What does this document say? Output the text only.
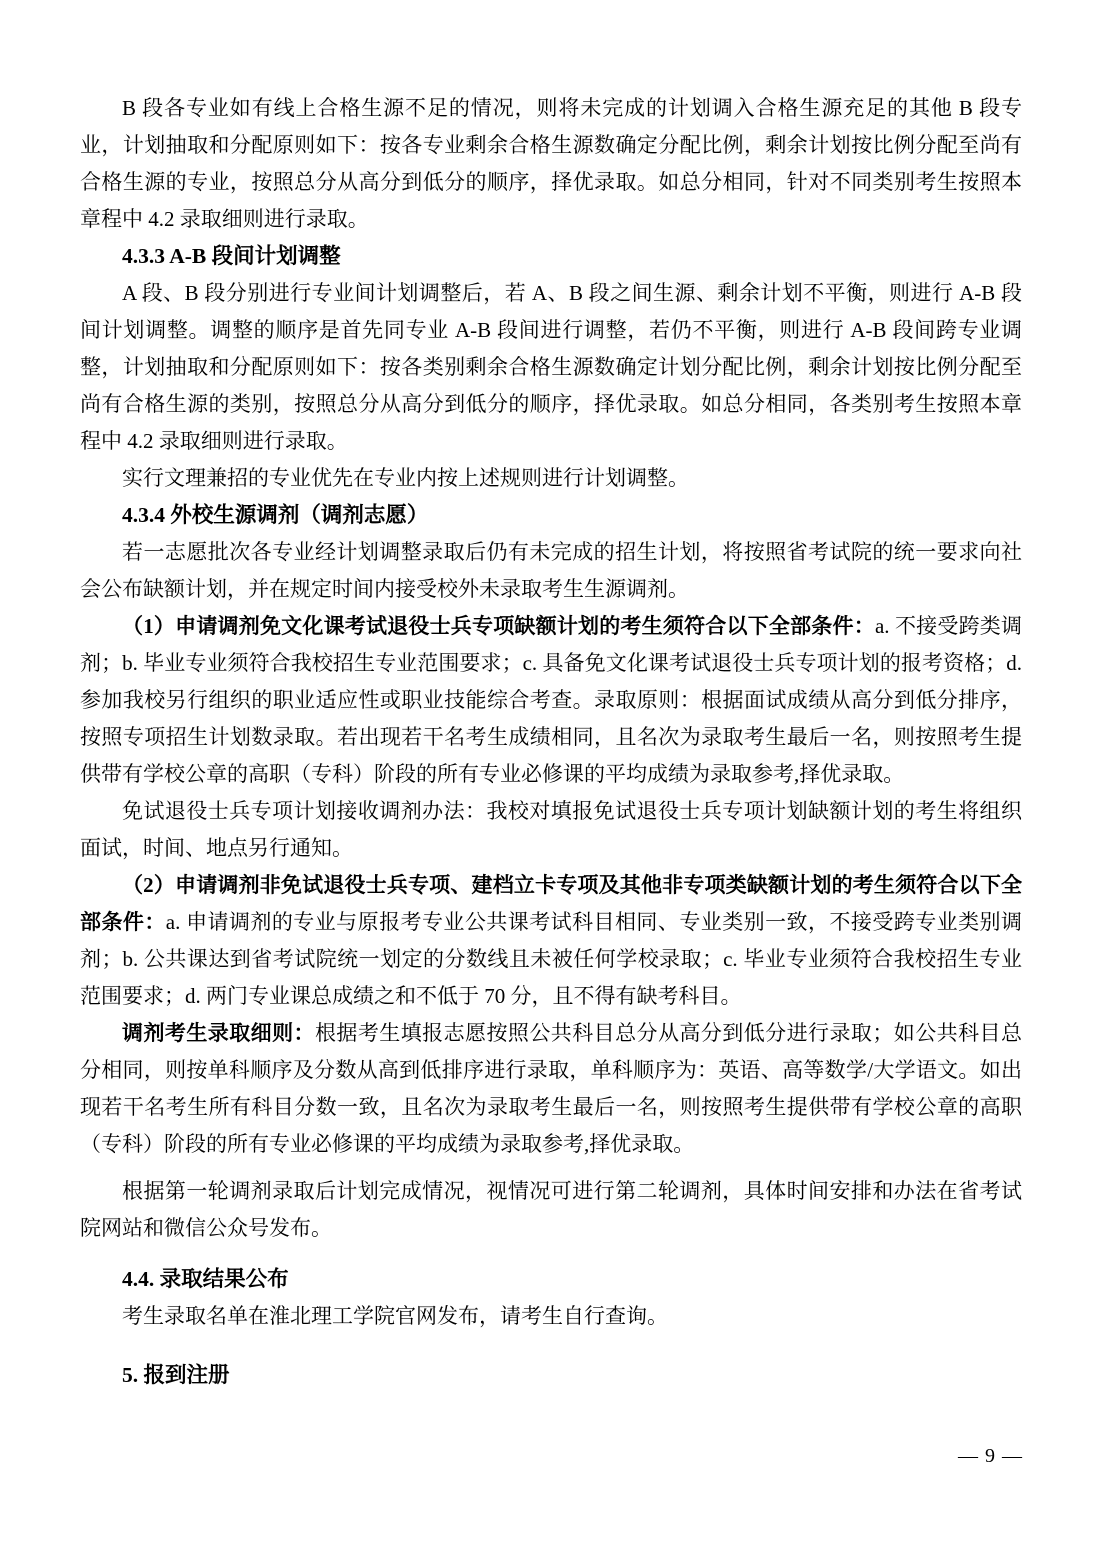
B 段各专业如有线上合格生源不足的情况，则将未完成的计划调入合格生源充足的其他 B 段专业，计划抽取和分配原则如下：按各专业剩余合格生源数确定分配比例，剩余计划按比例分配至尚有合格生源的专业，按照总分从高分到低分的顺序，择优录取。如总分相同，针对不同类别考生按照本章程中 4.2 录取细则进行录取。

4.3.3 A-B 段间计划调整

A 段、B 段分别进行专业间计划调整后，若 A、B 段之间生源、剩余计划不平衡，则进行 A-B 段间计划调整。调整的顺序是首先同专业 A-B 段间进行调整，若仍不平衡，则进行 A-B 段间跨专业调整，计划抽取和分配原则如下：按各类别剩余合格生源数确定计划分配比例，剩余计划按比例分配至尚有合格生源的类别，按照总分从高分到低分的顺序，择优录取。如总分相同，各类别考生按照本章程中 4.2 录取细则进行录取。

实行文理兼招的专业优先在专业内按上述规则进行计划调整。

4.3.4 外校生源调剂（调剂志愿）

若一志愿批次各专业经计划调整录取后仍有未完成的招生计划，将按照省考试院的统一要求向社会公布缺额计划，并在规定时间内接受校外未录取考生生源调剂。

（1）申请调剂免文化课考试退役士兵专项缺额计划的考生须符合以下全部条件：a. 不接受跨类调剂；b. 毕业专业须符合我校招生专业范围要求；c. 具备免文化课考试退役士兵专项计划的报考资格；d. 参加我校另行组织的职业适应性或职业技能综合考查。录取原则：根据面试成绩从高分到低分排序，按照专项招生计划数录取。若出现若干名考生成绩相同，且名次为录取考生最后一名，则按照考生提供带有学校公章的高职（专科）阶段的所有专业必修课的平均成绩为录取参考,择优录取。

免试退役士兵专项计划接收调剂办法：我校对填报免试退役士兵专项计划缺额计划的考生将组织面试，时间、地点另行通知。

（2）申请调剂非免试退役士兵专项、建档立卡专项及其他非专项类缺额计划的考生须符合以下全部条件：a. 申请调剂的专业与原报考专业公共课考试科目相同、专业类别一致，不接受跨专业类别调剂；b. 公共课达到省考试院统一划定的分数线且未被任何学校录取；c. 毕业专业须符合我校招生专业范围要求；d. 两门专业课总成绩之和不低于 70 分，且不得有缺考科目。

调剂考生录取细则：根据考生填报志愿按照公共科目总分从高分到低分进行录取；如公共科目总分相同，则按单科顺序及分数从高到低排序进行录取，单科顺序为：英语、高等数学/大学语文。如出现若干名考生所有科目分数一致，且名次为录取考生最后一名，则按照考生提供带有学校公章的高职（专科）阶段的所有专业必修课的平均成绩为录取参考,择优录取。

根据第一轮调剂录取后计划完成情况，视情况可进行第二轮调剂，具体时间安排和办法在省考试院网站和微信公众号发布。

4.4. 录取结果公布

考生录取名单在淮北理工学院官网发布，请考生自行查询。

5. 报到注册
— 9 —
